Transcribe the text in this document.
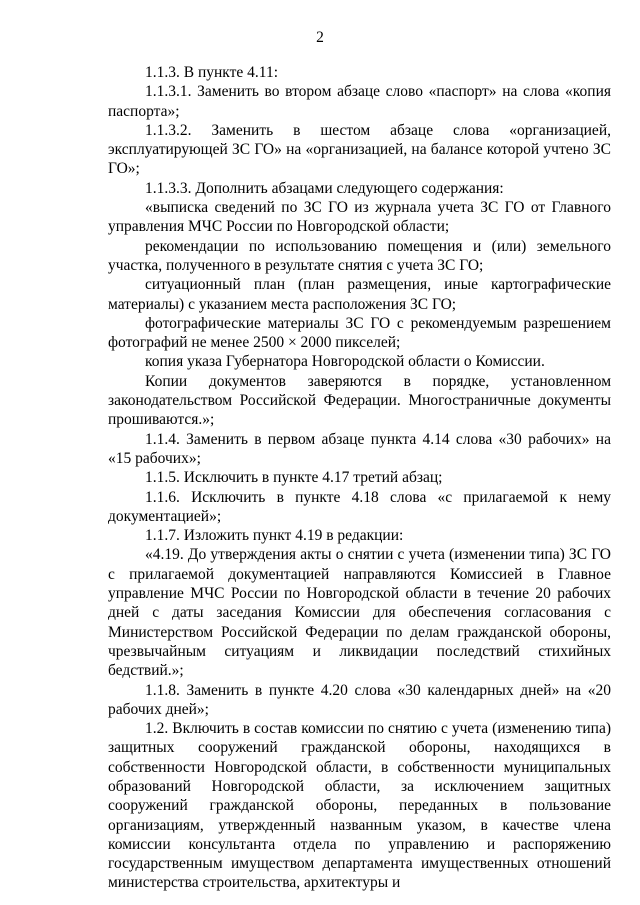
2

1.1.3. В пункте 4.11:

1.1.3.1. Заменить во втором абзаце слово «паспорт» на слова «копия паспорта»;

1.1.3.2. Заменить в шестом абзаце слова «организацией, эксплуатирующей ЗС ГО» на «организацией, на балансе которой учтено ЗС ГО»;

1.1.3.3. Дополнить абзацами следующего содержания:

«выписка сведений по ЗС ГО из журнала учета ЗС ГО от Главного управления МЧС России по Новгородской области;

рекомендации по использованию помещения и (или) земельного участка, полученного в результате снятия с учета ЗС ГО;

ситуационный план (план размещения, иные картографические материалы) с указанием места расположения ЗС ГО;

фотографические материалы ЗС ГО с рекомендуемым разрешением фотографий не менее 2500 × 2000 пикселей;

копия указа Губернатора Новгородской области о Комиссии.

Копии документов заверяются в порядке, установленном законодательством Российской Федерации. Многостраничные документы прошиваются.»;

1.1.4. Заменить в первом абзаце пункта 4.14 слова «30 рабочих» на «15 рабочих»;

1.1.5. Исключить в пункте 4.17 третий абзац;

1.1.6. Исключить в пункте 4.18 слова «с прилагаемой к нему документацией»;

1.1.7. Изложить пункт 4.19 в редакции:

«4.19. До утверждения акты о снятии с учета (изменении типа) ЗС ГО с прилагаемой документацией направляются Комиссией в Главное управление МЧС России по Новгородской области в течение 20 рабочих дней с даты заседания Комиссии для обеспечения согласования с Министерством Российской Федерации по делам гражданской обороны, чрезвычайным ситуациям и ликвидации последствий стихийных бедствий.»;

1.1.8. Заменить в пункте 4.20 слова «30 календарных дней» на «20 рабочих дней»;

1.2. Включить в состав комиссии по снятию с учета (изменению типа) защитных сооружений гражданской обороны, находящихся в собственности Новгородской области, в собственности муниципальных образований Новгородской области, за исключением защитных сооружений гражданской обороны, переданных в пользование организациям, утвержденный названным указом, в качестве члена комиссии консультанта отдела по управлению и распоряжению государственным имуществом департамента имущественных отношений министерства строительства, архитектуры и
